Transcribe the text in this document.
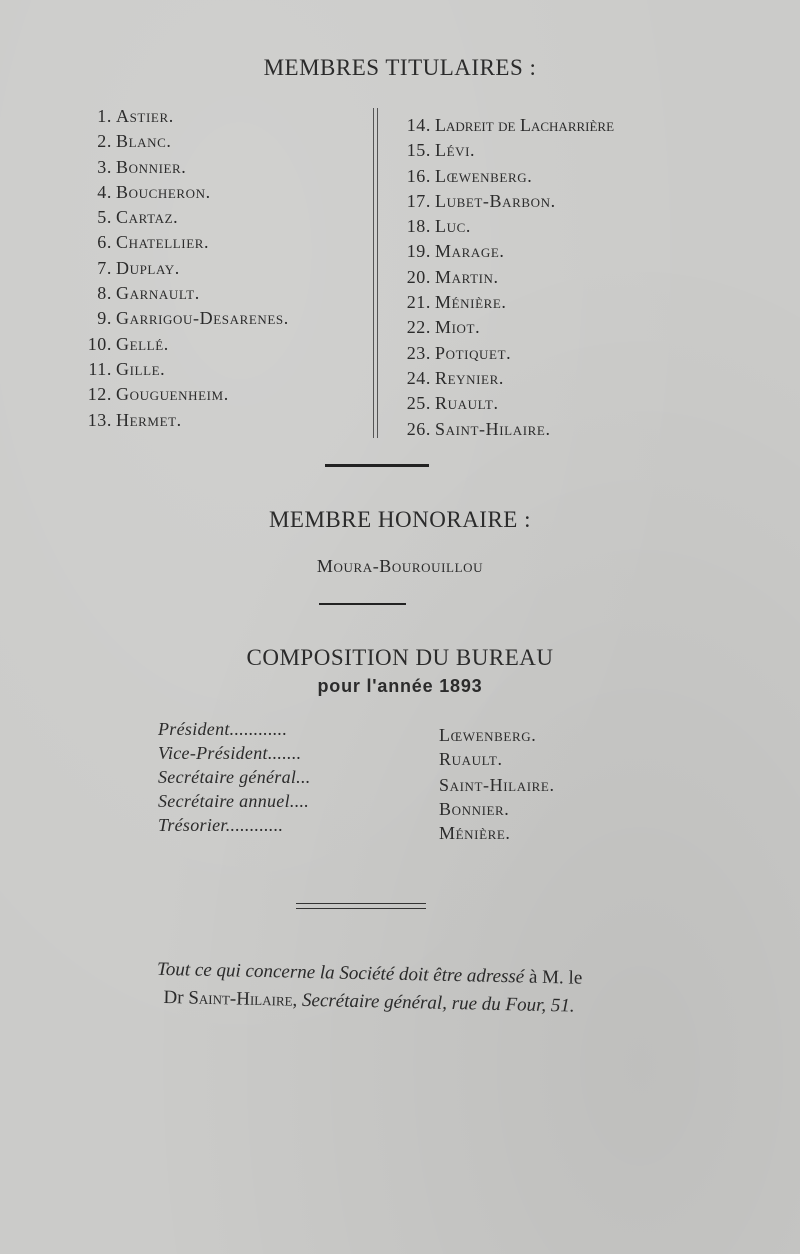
MEMBRES TITULAIRES :
1. Astier.
2. Blanc.
3. Bonnier.
4. Boucheron.
5. Cartaz.
6. Chatellier.
7. Duplay.
8. Garnault.
9. Garrigou-Desarenes.
10. Gellé.
11. Gille.
12. Gouguenheim.
13. Hermet.
14. Ladreit de Lacharrière
15. Lévi.
16. Lœwenberg.
17. Lubet-Barbon.
18. Luc.
19. Marage.
20. Martin.
21. Ménière.
22. Miot.
23. Potiquet.
24. Reynier.
25. Ruault.
26. Saint-Hilaire.
MEMBRE HONORAIRE :
Moura-Bourouillou
COMPOSITION DU BUREAU
pour l'année 1893
Président............	Lœwenberg.
Vice-Président.......	Ruault.
Secrétaire général...	Saint-Hilaire.
Secrétaire annuel....	Bonnier.
Trésorier............	Ménière.
Tout ce qui concerne la Société doit être adressé à M. le
Dr Saint-Hilaire, Secrétaire général, rue du Four, 51.
